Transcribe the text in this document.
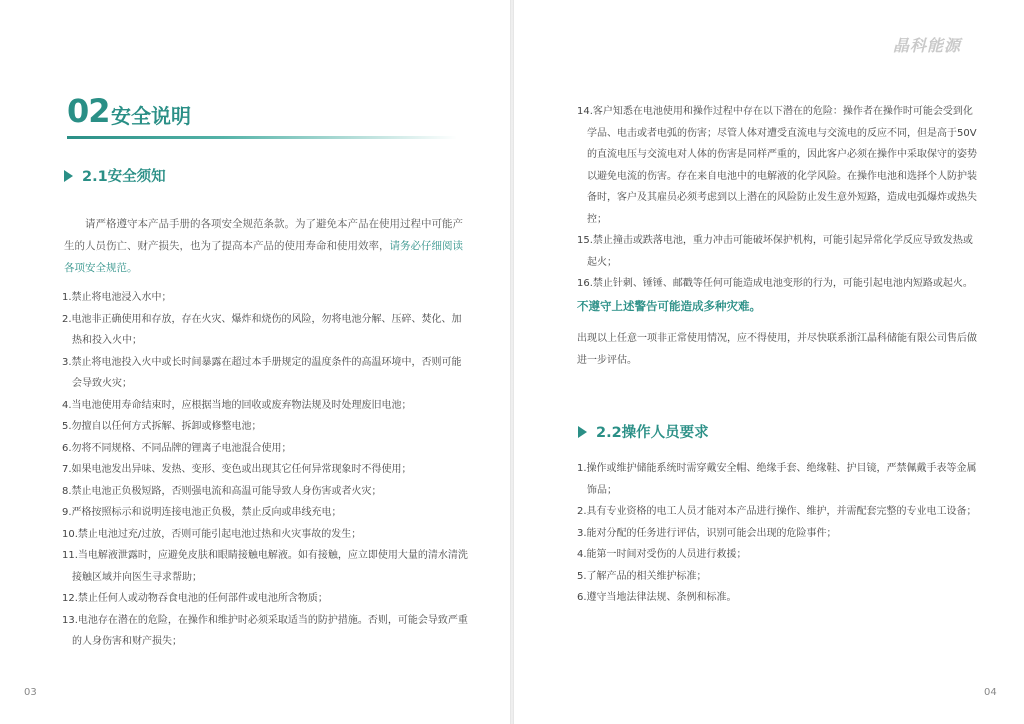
02 安全说明
2.1安全须知

请严格遵守本产品手册的各项安全规范条款。为了避免本产品在使用过程中可能产生的人员伤亡、财产损失，也为了提高本产品的使用寿命和使用效率，请务必仔细阅读各项安全规范。

1.禁止将电池浸入水中；
2.电池非正确使用和存放，存在火灾、爆炸和烧伤的风险，勿将电池分解、压碎、焚化、加热和投入火中；
3.禁止将电池投入火中或长时间暴露在超过本手册规定的温度条件的高温环境中，否则可能会导致火灾；
4.当电池使用寿命结束时，应根据当地的回收或废弃物法规及时处理废旧电池；
5.勿擅自以任何方式拆解、拆卸或修整电池；
6.勿将不同规格、不同品牌的锂离子电池混合使用；
7.如果电池发出异味、发热、变形、变色或出现其它任何异常现象时不得使用；
8.禁止电池正负极短路，否则强电流和高温可能导致人身伤害或者火灾；
9.严格按照标示和说明连接电池正负极，禁止反向或串线充电；
10.禁止电池过充/过放，否则可能引起电池过热和火灾事故的发生；
11.当电解液泄露时，应避免皮肤和眼睛接触电解液。如有接触，应立即使用大量的清水清洗接触区域并向医生寻求帮助；
12.禁止任何人或动物吞食电池的任何部件或电池所含物质；
13.电池存在潜在的危险，在操作和维护时必须采取适当的防护措施。否则，可能会导致严重的人身伤害和财产损失；
03
晶科能源
14.客户知悉在电池使用和操作过程中存在以下潜在的危险：操作者在操作时可能会受到化学品、电击或者电弧的伤害；尽管人体对遭受直流电与交流电的反应不同，但是高于50V的直流电压与交流电对人体的伤害是同样严重的，因此客户必须在操作中采取保守的姿势以避免电流的伤害。存在来自电池中的电解液的化学风险。在操作电池和选择个人防护装备时，客户及其雇员必须考虑到以上潜在的风险防止发生意外短路，造成电弧爆炸或热失控；
15.禁止撞击或跌落电池，重力冲击可能破坏保护机构，可能引起异常化学反应导致发热或起火；
16.禁止针刺、锤锤、邮戳等任何可能造成电池变形的行为，可能引起电池内短路或起火。
不遵守上述警告可能造成多种灾难。

出现以上任意一项非正常使用情况，应不得使用，并尽快联系浙江晶科储能有限公司售后做进一步评估。

2.2操作人员要求
1.操作或维护储能系统时需穿戴安全帽、绝缘手套、绝缘鞋、护目镜，严禁佩戴手表等金属饰品；
2.具有专业资格的电工人员才能对本产品进行操作、维护，并需配套完整的专业电工设备；
3.能对分配的任务进行评估，识别可能会出现的危险事件；
4.能第一时间对受伤的人员进行救援；
5.了解产品的相关维护标准；
6.遵守当地法律法规、条例和标准。
04
